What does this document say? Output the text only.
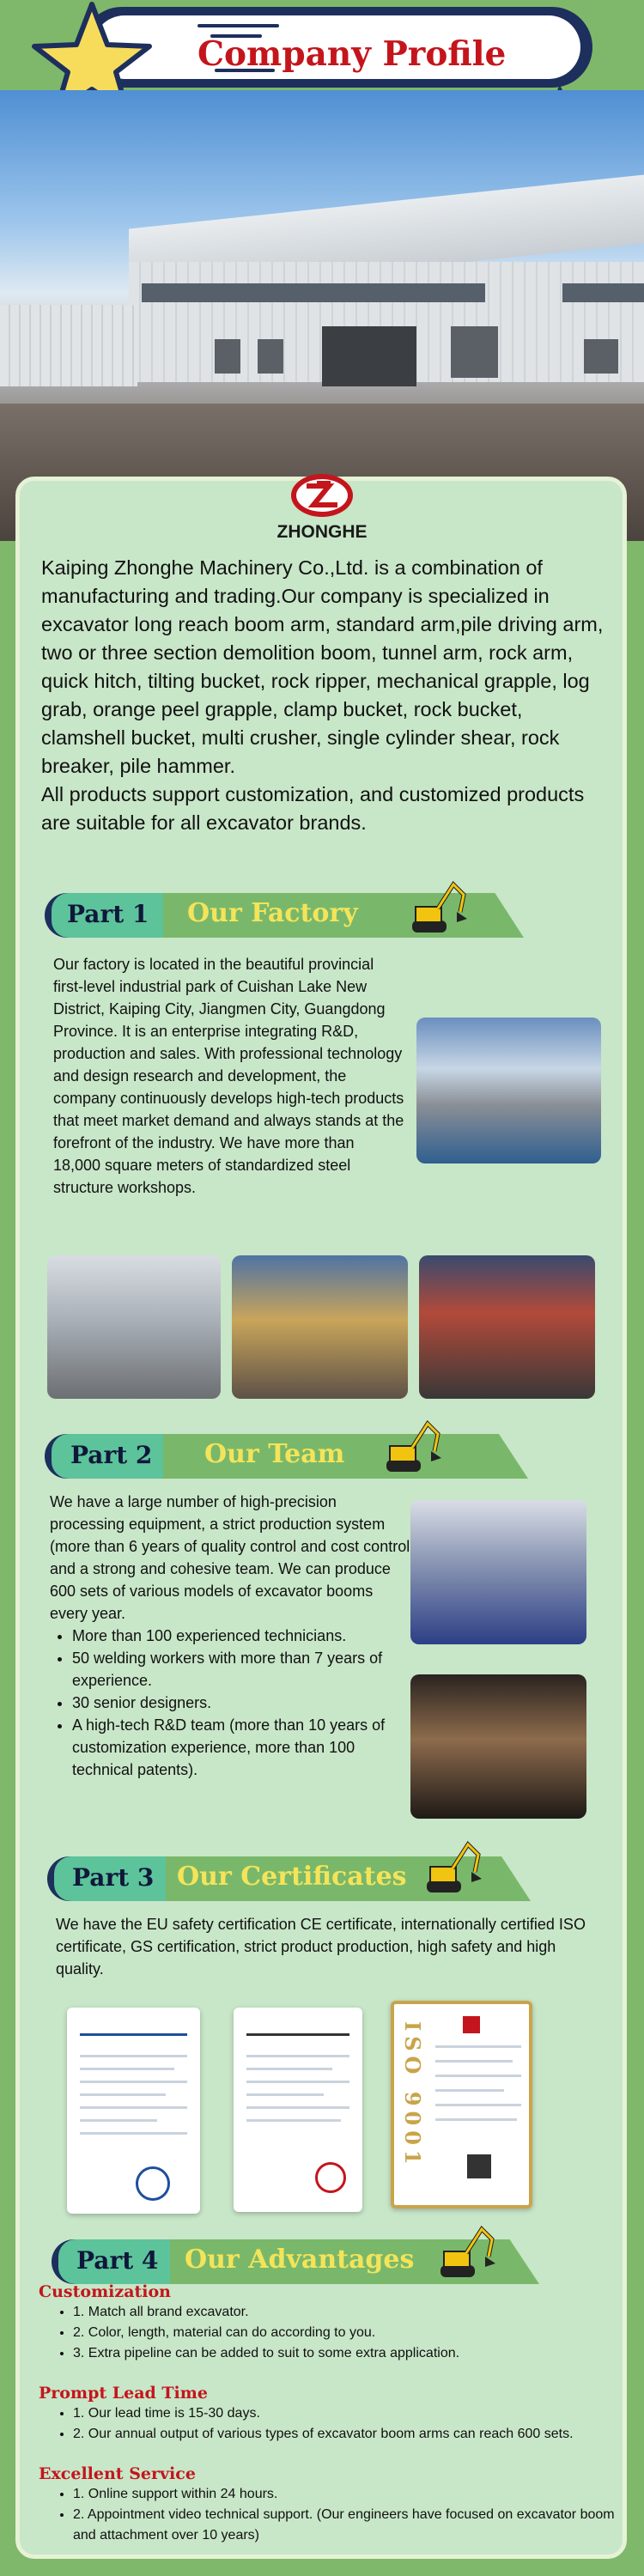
Company Profile
ZHONGHE

Kaiping Zhonghe Machinery Co.,Ltd. is a combination of manufacturing and trading.Our company is specialized in excavator long reach boom arm, standard arm,pile driving arm, two or three section demolition boom, tunnel arm, rock arm, quick hitch, tilting bucket, rock ripper, mechanical grapple, log grab, orange peel grapple, clamp bucket, rock bucket, clamshell bucket, multi crusher, single cylinder shear, rock breaker, pile hammer.

All products support customization, and customized products are suitable for all excavator brands.

Part 1 Our Factory
Our factory is located in the beautiful provincial first-level industrial park of Cuishan Lake New District, Kaiping City, Jiangmen City, Guangdong Province. It is an enterprise integrating R&D, production and sales. With professional technology and design research and development, the company continuously develops high-tech products that meet market demand and always stands at the forefront of the industry. We have more than 18,000 square meters of standardized steel structure workshops.
Part 2 Our Team
We have a large number of high-precision processing equipment, a strict production system (more than 6 years of quality control and cost control and a strong and cohesive team. We can produce 600 sets of various models of excavator booms every year.
• More than 100 experienced technicians.
• 50 welding workers with more than 7 years of experience.
• 30 senior designers.
• A high-tech R&D team (more than 10 years of customization experience, more than 100 technical patents).
Part 3 Our Certificates
We have the EU safety certification CE certificate, internationally certified ISO certificate, GS certification, strict product production, high safety and high quality.
ISO 9001
Part 4 Our Advantages
Customization
• 1. Match all brand excavator.
• 2. Color, length, material can do according to you.
• 3. Extra pipeline can be added to suit to some extra application.
Prompt Lead Time
• 1. Our lead time is 15-30 days.
• 2. Our annual output of various types of excavator boom arms can reach 600 sets.
Excellent Service
• 1. Online support within 24 hours.
• 2. Appointment video technical support. (Our engineers have focused on excavator boom and attachment over 10 years)
